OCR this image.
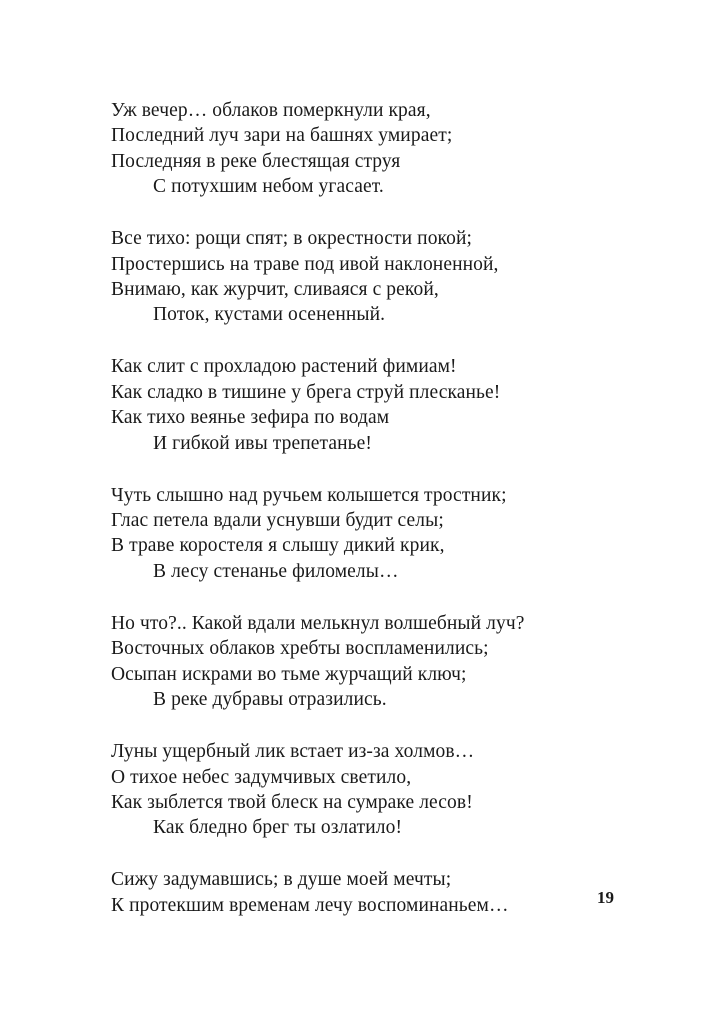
Уж вечер… облаков померкнули края,
Последний луч зари на башнях умирает;
Последняя в реке блестящая струя
С потухшим небом угасает.
Все тихо: рощи спят; в окрестности покой;
Простершись на траве под ивой наклоненной,
Внимаю, как журчит, сливаяся с рекой,
Поток, кустами осененный.
Как слит с прохладою растений фимиам!
Как сладко в тишине у брега струй плесканье!
Как тихо веянье зефира по водам
И гибкой ивы трепетанье!
Чуть слышно над ручьем колышется тростник;
Глас петела вдали уснувши будит селы;
В траве коростеля я слышу дикий крик,
В лесу стенанье филомелы…
Но что?.. Какой вдали мелькнул волшебный луч?
Восточных облаков хребты воспламенились;
Осыпан искрами во тьме журчащий ключ;
В реке дубравы отразились.
Луны ущербный лик встает из-за холмов…
О тихое небес задумчивых светило,
Как зыблется твой блеск на сумраке лесов!
Как бледно брег ты озлатило!
Сижу задумавшись; в душе моей мечты;
К протекшим временам лечу воспоминаньем…	19
